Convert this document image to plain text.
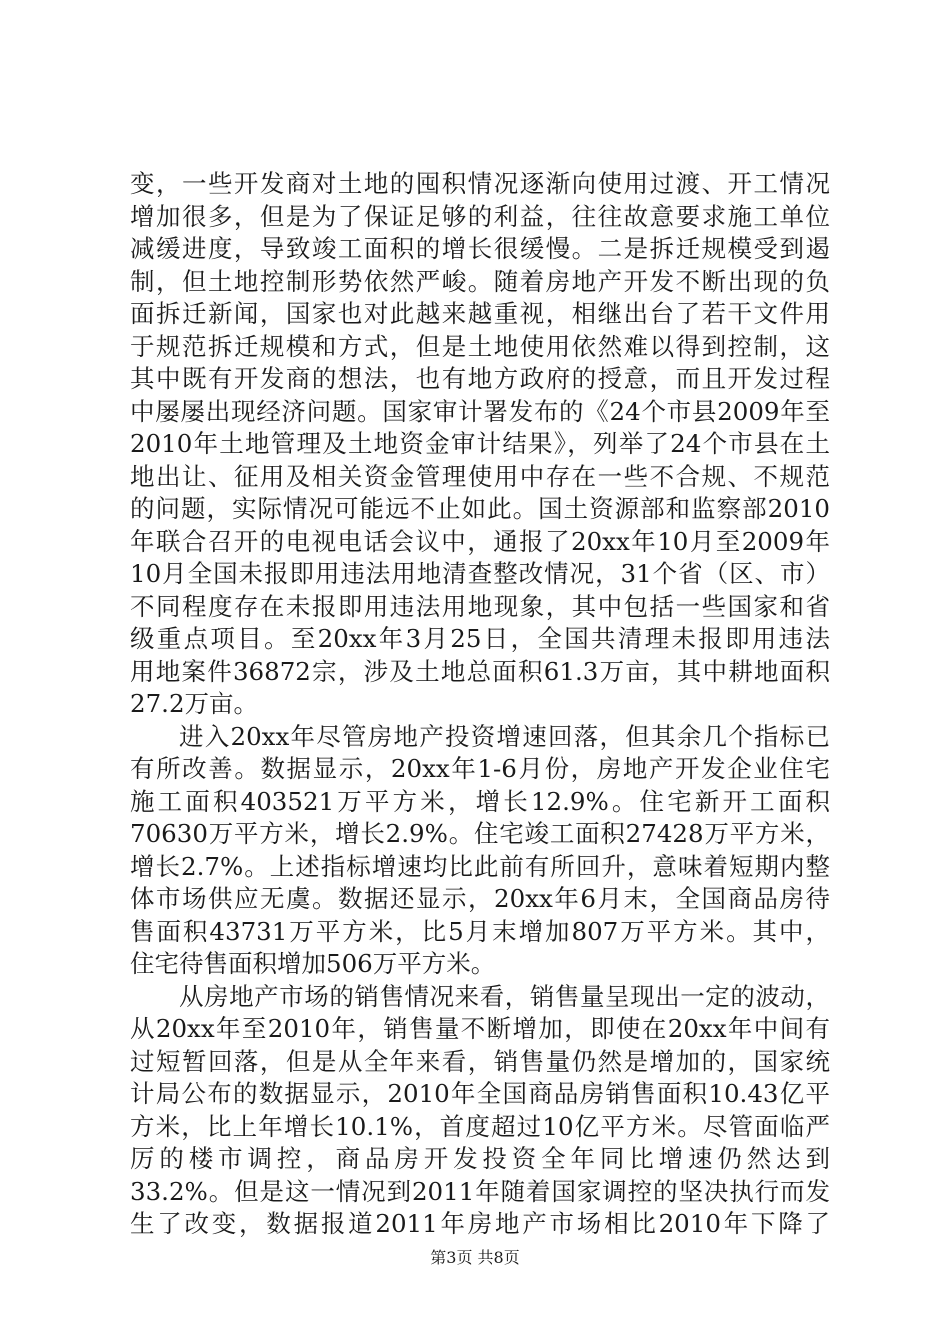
变，一些开发商对土地的囤积情况逐渐向使用过渡、开工情况
增加很多，但是为了保证足够的利益，往往故意要求施工单位
减缓进度，导致竣工面积的增长很缓慢。二是拆迁规模受到遏
制，但土地控制形势依然严峻。随着房地产开发不断出现的负
面拆迁新闻，国家也对此越来越重视，相继出台了若干文件用
于规范拆迁规模和方式，但是土地使用依然难以得到控制，这
其中既有开发商的想法，也有地方政府的授意，而且开发过程
中屡屡出现经济问题。国家审计署发布的《24个市县2009年至
2010年土地管理及土地资金审计结果》，列举了24个市县在土
地出让、征用及相关资金管理使用中存在一些不合规、不规范
的问题，实际情况可能远不止如此。国土资源部和监察部2010
年联合召开的电视电话会议中，通报了20xx年10月至2009年
10月全国未报即用违法用地清查整改情况，31个省（区、市）
不同程度存在未报即用违法用地现象，其中包括一些国家和省
级重点项目。至20xx年3月25日，全国共清理未报即用违法
用地案件36872宗，涉及土地总面积61.3万亩，其中耕地面积
27.2万亩。
进入20xx年尽管房地产投资增速回落，但其余几个指标已
有所改善。数据显示，20xx年1-6月份，房地产开发企业住宅
施工面积403521万平方米，增长12.9%。住宅新开工面积
70630万平方米，增长2.9%。住宅竣工面积27428万平方米，
增长2.7%。上述指标增速均比此前有所回升，意味着短期内整
体市场供应无虞。数据还显示，20xx年6月末，全国商品房待
售面积43731万平方米，比5月末增加807万平方米。其中，
住宅待售面积增加506万平方米。
从房地产市场的销售情况来看，销售量呈现出一定的波动，
从20xx年至2010年，销售量不断增加，即使在20xx年中间有
过短暂回落，但是从全年来看，销售量仍然是增加的，国家统
计局公布的数据显示，2010年全国商品房销售面积10.43亿平
方米，比上年增长10.1%，首度超过10亿平方米。尽管面临严
厉的楼市调控，商品房开发投资全年同比增速仍然达到
33.2%。但是这一情况到2011年随着国家调控的坚决执行而发
生了改变，数据报道2011年房地产市场相比2010年下降了
第3页 共8页
